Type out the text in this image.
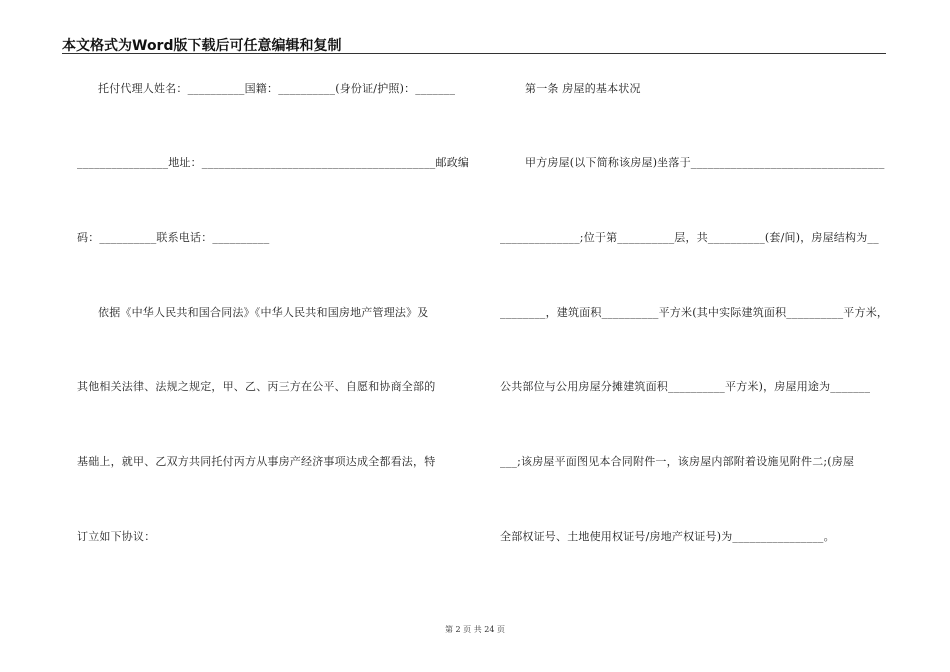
本文格式为Word版下载后可任意编辑和复制
托付代理人姓名：__________国籍：__________(身份证/护照)：_______
________________地址：_________________________________________邮政编
码：__________联系电话：__________
依据《中华人民共和国合同法》《中华人民共和国房地产管理法》及
其他相关法律、法规之规定，甲、乙、丙三方在公平、自愿和协商全部的
基础上，就甲、乙双方共同托付丙方从事房产经济事项达成全都看法，特
订立如下协议：
第一条 房屋的基本状况
甲方房屋(以下简称该房屋)坐落于__________________________________
______________;位于第__________层，共__________(套/间)，房屋结构为__
________，建筑面积__________平方米(其中实际建筑面积__________平方米，
公共部位与公用房屋分摊建筑面积__________平方米)，房屋用途为_______
___;该房屋平面图见本合同附件一，该房屋内部附着设施见附件二;(房屋
全部权证号、土地使用权证号/房地产权证号)为________________。
第 2 页 共 24 页
